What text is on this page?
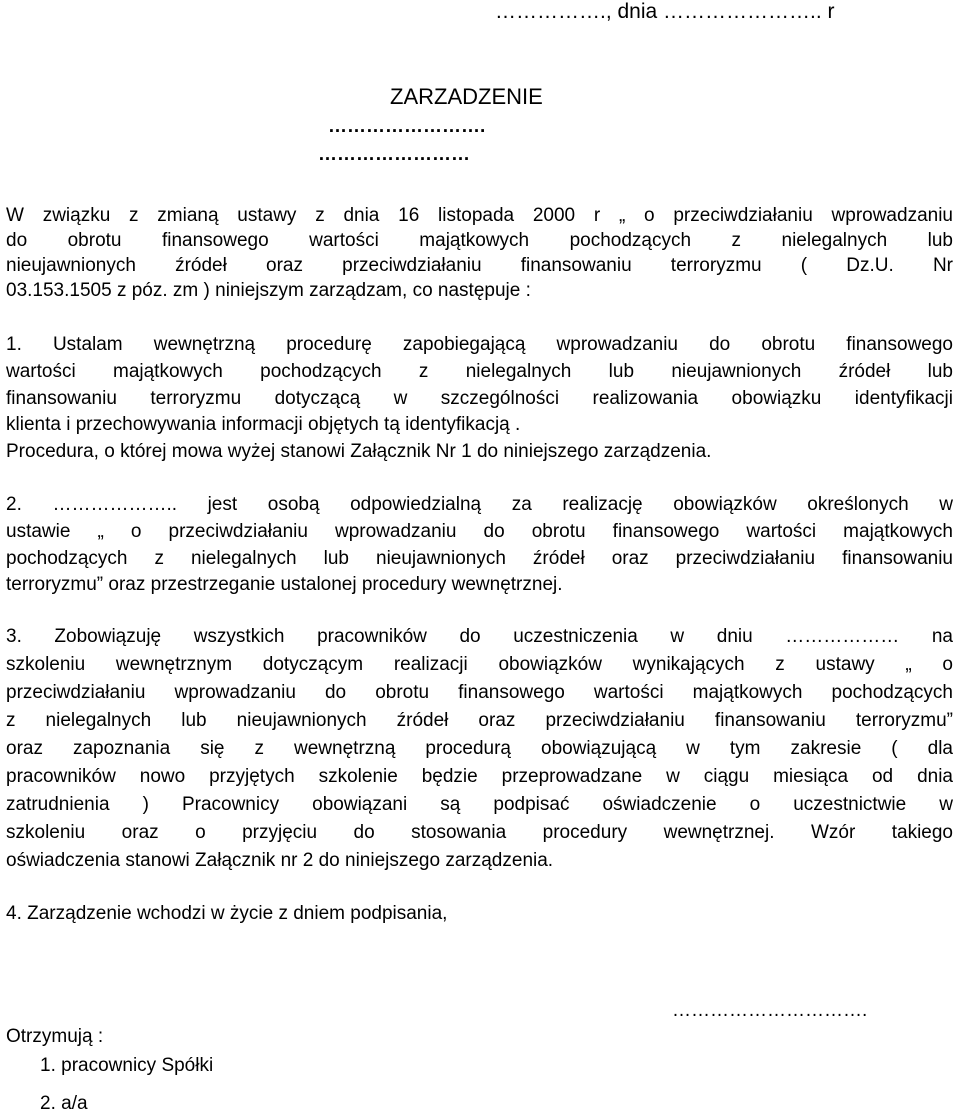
……………., dnia ………………….. r
ZARZADZENIE
…………………….
……………………
W związku z zmianą ustawy z dnia 16 listopada 2000 r „ o przeciwdziałaniu wprowadzaniu
do obrotu finansowego wartości majątkowych pochodzących z nielegalnych lub
nieujawnionych źródeł oraz przeciwdziałaniu finansowaniu terroryzmu ( Dz.U. Nr
03.153.1505 z póz. zm ) niniejszym zarządzam, co następuje :
1. Ustalam wewnętrzną procedurę zapobiegającą wprowadzaniu do obrotu finansowego
wartości majątkowych pochodzących z nielegalnych lub nieujawnionych źródeł lub
finansowaniu terroryzmu dotyczącą w szczególności realizowania obowiązku identyfikacji
klienta i przechowywania informacji objętych tą identyfikacją .
Procedura, o której mowa wyżej stanowi Załącznik Nr 1 do niniejszego zarządzenia.
2. ……………….. jest osobą odpowiedzialną za realizację obowiązków określonych w
ustawie „ o przeciwdziałaniu wprowadzaniu do obrotu finansowego wartości majątkowych
pochodzących z nielegalnych lub nieujawnionych źródeł oraz przeciwdziałaniu finansowaniu
terroryzmu” oraz przestrzeganie ustalonej procedury wewnętrznej.
3. Zobowiązuję wszystkich pracowników do uczestniczenia w dniu ……………… na
szkoleniu wewnętrznym dotyczącym realizacji obowiązków wynikających z ustawy „ o
przeciwdziałaniu wprowadzaniu do obrotu finansowego wartości majątkowych pochodzących
z nielegalnych lub nieujawnionych źródeł oraz przeciwdziałaniu finansowaniu terroryzmu”
oraz zapoznania się z wewnętrzną procedurą obowiązującą w tym zakresie ( dla
pracowników nowo przyjętych szkolenie będzie przeprowadzane w ciągu miesiąca od dnia
zatrudnienia ) Pracownicy obowiązani są podpisać oświadczenie o uczestnictwie w
szkoleniu oraz o przyjęciu do stosowania procedury wewnętrznej. Wzór takiego
oświadczenia stanowi Załącznik nr 2 do niniejszego zarządzenia.
4. Zarządzenie wchodzi w życie z dniem podpisania,
………………………….
Otrzymują :
1. pracownicy Spółki
2. a/a
